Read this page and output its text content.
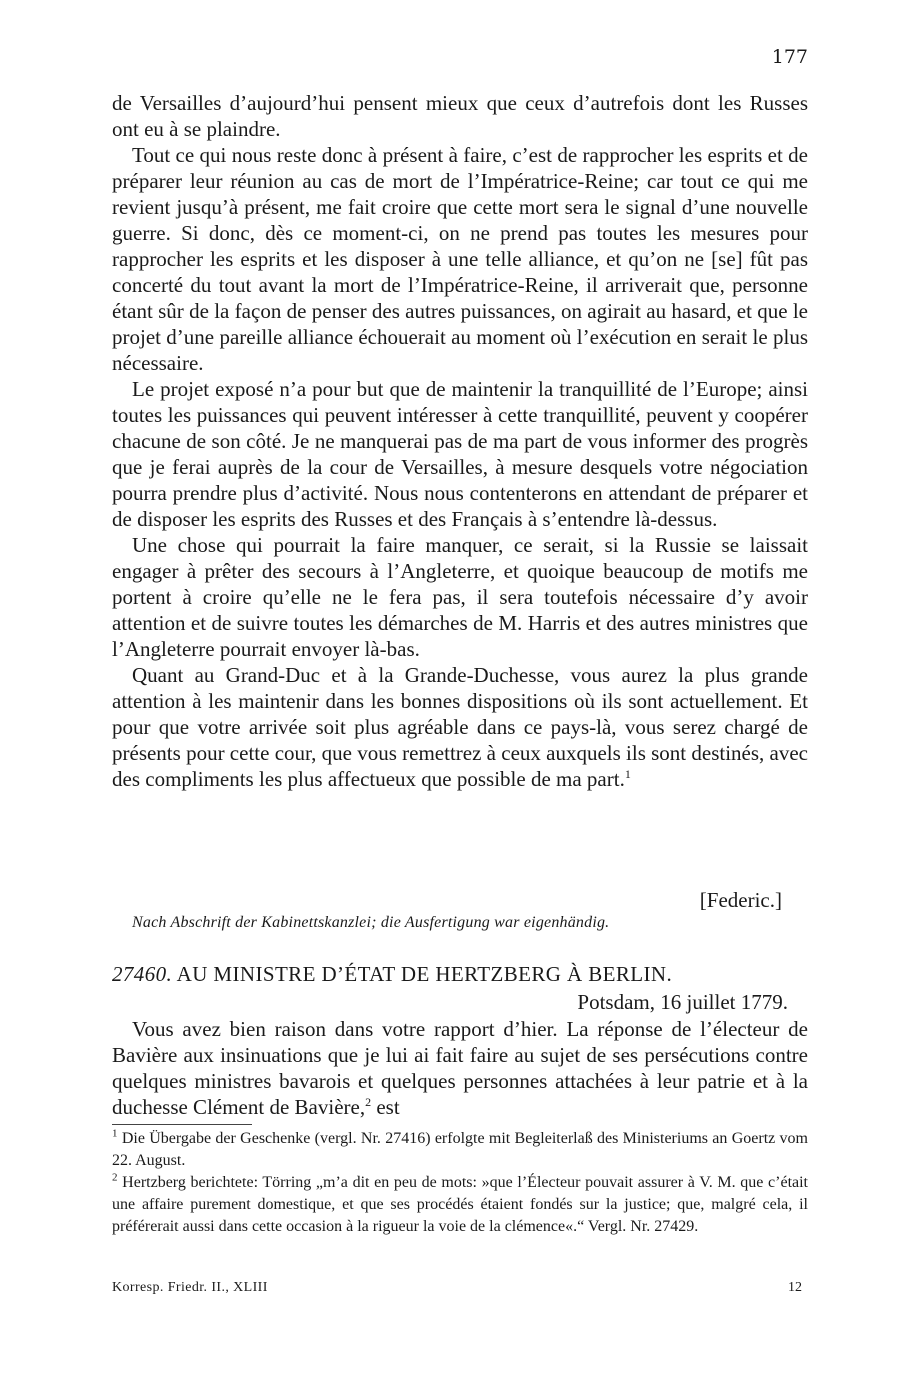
177

de Versailles d’aujourd’hui pensent mieux que ceux d’autrefois dont les Russes ont eu à se plaindre.

Tout ce qui nous reste donc à présent à faire, c’est de rapprocher les esprits et de préparer leur réunion au cas de mort de l’Impératrice-Reine; car tout ce qui me revient jusqu’à présent, me fait croire que cette mort sera le signal d’une nouvelle guerre. Si donc, dès ce moment-ci, on ne prend pas toutes les mesures pour rapprocher les esprits et les disposer à une telle alliance, et qu’on ne [se] fût pas concerté du tout avant la mort de l’Impératrice-Reine, il arriverait que, personne étant sûr de la façon de penser des autres puissances, on agirait au hasard, et que le projet d’une pareille alliance échouerait au moment où l’exécution en serait le plus nécessaire.

Le projet exposé n’a pour but que de maintenir la tranquillité de l’Europe; ainsi toutes les puissances qui peuvent intéresser à cette tranquillité, peuvent y coopérer chacune de son côté. Je ne manquerai pas de ma part de vous informer des progrès que je ferai auprès de la cour de Versailles, à mesure desquels votre négociation pourra prendre plus d’activité. Nous nous contenterons en attendant de préparer et de disposer les esprits des Russes et des Français à s’entendre là-dessus.

Une chose qui pourrait la faire manquer, ce serait, si la Russie se laissait engager à prêter des secours à l’Angleterre, et quoique beaucoup de motifs me portent à croire qu’elle ne le fera pas, il sera toutefois nécessaire d’y avoir attention et de suivre toutes les démarches de M. Harris et des autres ministres que l’Angleterre pourrait envoyer là-bas.

Quant au Grand-Duc et à la Grande-Duchesse, vous aurez la plus grande attention à les maintenir dans les bonnes dispositions où ils sont actuellement. Et pour que votre arrivée soit plus agréable dans ce pays-là, vous serez chargé de présents pour cette cour, que vous remettrez à ceux auxquels ils sont destinés, avec des compliments les plus affectueux que possible de ma part.$^1$

[Federic.]
Nach Abschrift der Kabinettskanzlei; die Ausfertigung war eigenhändig.
27460. AU MINISTRE D’ÉTAT DE HERTZBERG À BERLIN.
Potsdam, 16 juillet 1779.

Vous avez bien raison dans votre rapport d’hier. La réponse de l’électeur de Bavière aux insinuations que je lui ai fait faire au sujet de ses persécutions contre quelques ministres bavarois et quelques personnes attachées à leur patrie et à la duchesse Clément de Bavière,$^2$ est

$^1$ Die Übergabe der Geschenke (vergl. Nr. 27416) erfolgte mit Begleiterlaß des Ministeriums an Goertz vom 22. August.

$^2$ Hertzberg berichtete: Törring „m’a dit en peu de mots: »que l’Électeur pouvait assurer à V. M. que c’était une affaire purement domestique, et que ses procédés étaient fondés sur la justice; que, malgré cela, il préférerait aussi dans cette occasion à la rigueur la voie de la clémence«.“ Vergl. Nr. 27429.

Korresp. Friedr. II., XLIII	12
